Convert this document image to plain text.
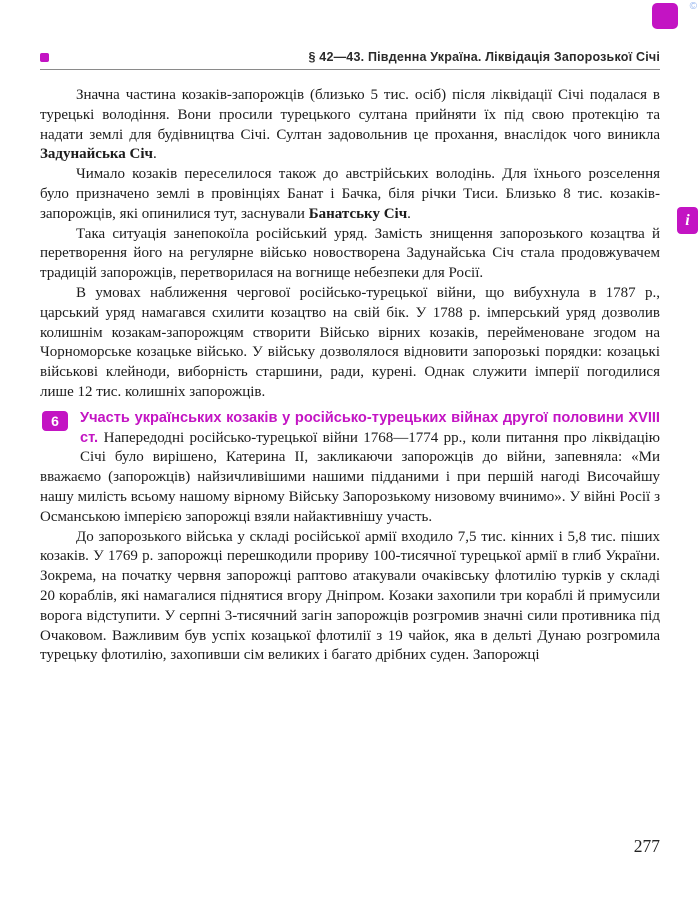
©
§ 42—43. Південна Україна. Ліквідація Запорозької Січі

Значна частина козаків-запорожців (близько 5 тис. осіб) після ліквідації Січі подалася в турецькі володіння. Вони просили турецького султана прийняти їх під свою протекцію та надати землі для будівництва Січі. Султан задовольнив це прохання, внаслідок чого виникла Задунайська Січ.

Чимало козаків переселилося також до австрійських володінь. Для їхнього розселення було призначено землі в провінціях Банат і Бачка, біля річки Тиси. Близько 8 тис. козаків-запорожців, які опинилися тут, заснували Банатську Січ.

Така ситуація занепокоїла російський уряд. Замість знищення запорозького козацтва й перетворення його на регулярне військо новостворена Задунайська Січ стала продовжувачем традицій запорожців, перетворилася на вогнище небезпеки для Росії.

В умовах наближення чергової російсько-турецької війни, що вибухнула в 1787 р., царський уряд намагався схилити козацтво на свій бік. У 1788 р. імперський уряд дозволив колишнім козакам-запорожцям створити Військо вірних козаків, перейменоване згодом на Чорноморське козацьке військо. У війську дозволялося відновити запорозькі порядки: козацькі військові клейноди, виборність старшини, ради, курені. Однак служити імперії погодилися лише 12 тис. колишніх запорожців.

6	Участь українських козаків у російсько-турецьких війнах другої половини XVIII ст. Напередодні російсько-турецької війни 1768—1774 рр., коли питання про ліквідацію Січі було вирішено, Катерина II, закликаючи запорожців до війни, запевняла: «Ми вважаємо (запорожців) найзичливішими нашими підданими і при першій нагоді Височайшу нашу милість всьому нашому вірному Війську Запорозькому низовому вчинимо». У війні Росії з Османською імперією запорожці взяли найактивнішу участь.

До запорозького війська у складі російської армії входило 7,5 тис. кінних і 5,8 тис. піших козаків. У 1769 р. запорожці перешкодили прориву 100-тисячної турецької армії в глиб України. Зокрема, на початку червня запорожці раптово атакували очаківську флотилію турків у складі 20 кораблів, які намагалися піднятися вгору Дніпром. Козаки захопили три кораблі й примусили ворога відступити. У серпні 3-тисячний загін запорожців розгромив значні сили противника під Очаковом. Важливим був успіх козацької флотилії з 19 чайок, яка в дельті Дунаю розгромила турецьку флотилію, захопивши сім великих і багато дрібних суден. Запорожці

і
277
